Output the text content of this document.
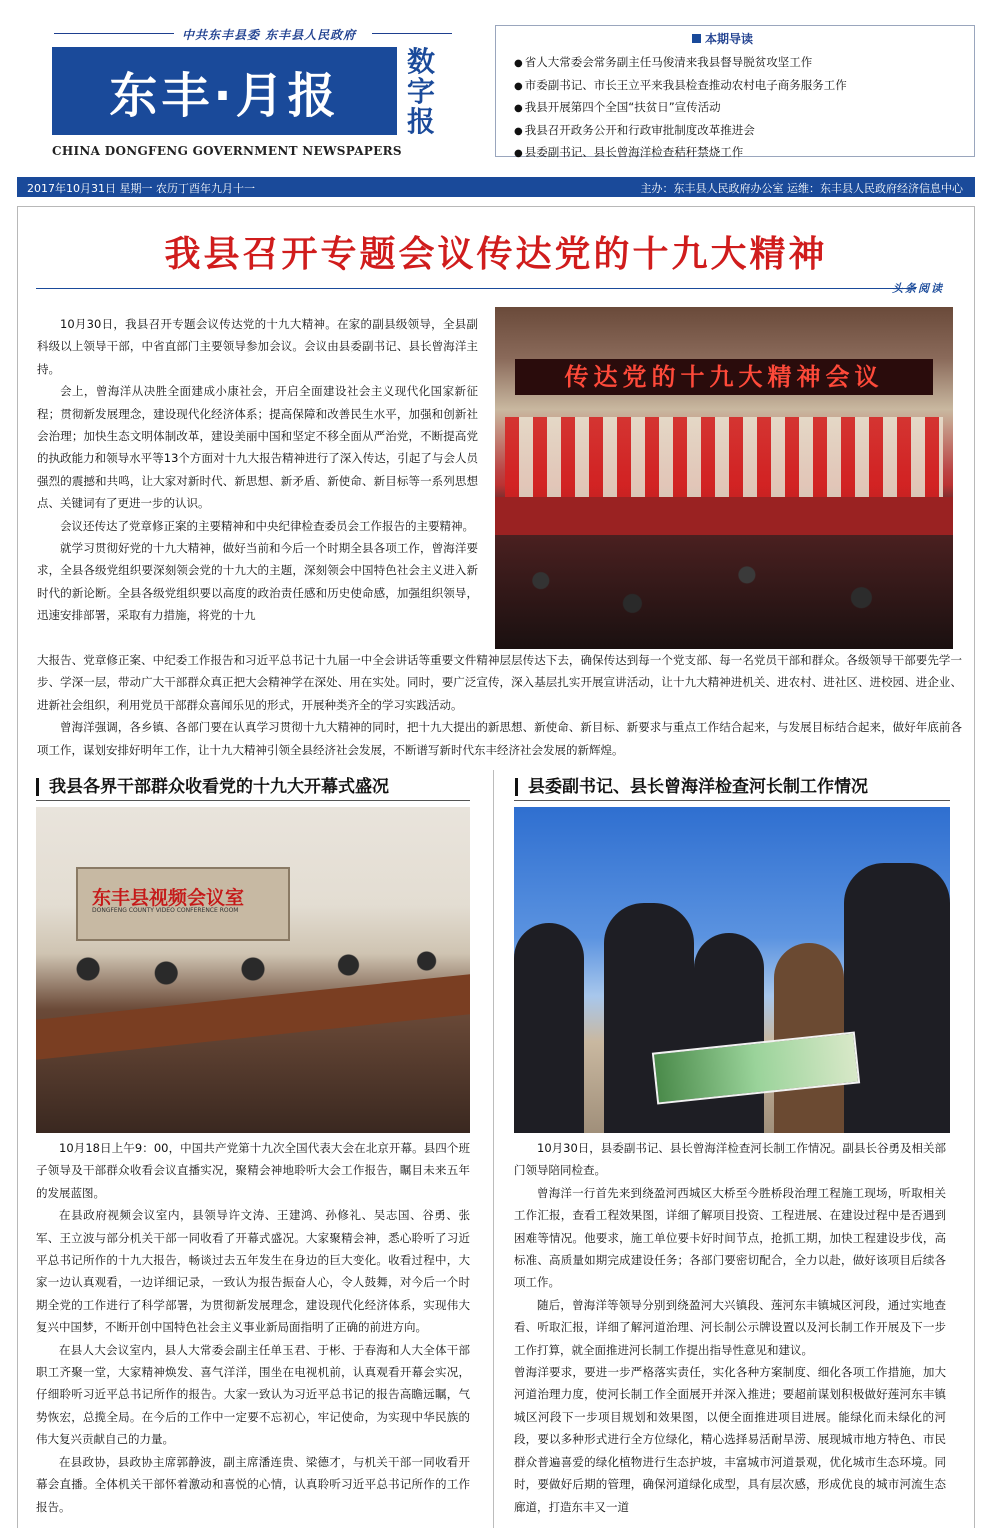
中共东丰县委 东丰县人民政府
东丰·月报
数
字
报
CHINA DONGFENG GOVERNMENT NEWSPAPERS
本期导读
● 省人大常委会常务副主任马俊清来我县督导脱贫攻坚工作
● 市委副书记、市长王立平来我县检查推动农村电子商务服务工作
● 我县开展第四个全国“扶贫日”宣传活动
● 我县召开政务公开和行政审批制度改革推进会
● 县委副书记、县长曾海洋检查秸秆禁烧工作
2017年10月31日 星期一 农历丁酉年九月十一	主办：东丰县人民政府办公室 运维：东丰县人民政府经济信息中心
我县召开专题会议传达党的十九大精神
头条阅读

10月30日，我县召开专题会议传达党的十九大精神。在家的副县级领导，全县副科级以上领导干部，中省直部门主要领导参加会议。会议由县委副书记、县长曾海洋主持。

会上，曾海洋从决胜全面建成小康社会，开启全面建设社会主义现代化国家新征程；贯彻新发展理念，建设现代化经济体系；提高保障和改善民生水平，加强和创新社会治理；加快生态文明体制改革，建设美丽中国和坚定不移全面从严治党，不断提高党的执政能力和领导水平等13个方面对十九大报告精神进行了深入传达，引起了与会人员强烈的震撼和共鸣，让大家对新时代、新思想、新矛盾、新使命、新目标等一系列思想点、关键词有了更进一步的认识。

会议还传达了党章修正案的主要精神和中央纪律检查委员会工作报告的主要精神。

就学习贯彻好党的十九大精神，做好当前和今后一个时期全县各项工作，曾海洋要求，全县各级党组织要深刻领会党的十九大的主题，深刻领会中国特色社会主义进入新时代的新论断。全县各级党组织要以高度的政治责任感和历史使命感，加强组织领导，迅速安排部署，采取有力措施，将党的十九

传达党的十九大精神会议

大报告、党章修正案、中纪委工作报告和习近平总书记十九届一中全会讲话等重要文件精神层层传达下去，确保传达到每一个党支部、每一名党员干部和群众。各级领导干部要先学一步、学深一层，带动广大干部群众真正把大会精神学在深处、用在实处。同时，要广泛宣传，深入基层扎实开展宣讲活动，让十九大精神进机关、进农村、进社区、进校园、进企业、进新社会组织，利用党员干部群众喜闻乐见的形式，开展种类齐全的学习实践活动。

曾海洋强调，各乡镇、各部门要在认真学习贯彻十九大精神的同时，把十九大提出的新思想、新使命、新目标、新要求与重点工作结合起来，与发展目标结合起来，做好年底前各项工作，谋划安排好明年工作，让十九大精神引领全县经济社会发展，不断谱写新时代东丰经济社会发展的新辉煌。

我县各界干部群众收看党的十九大开幕式盛况	县委副书记、县长曾海洋检查河长制工作情况
东丰县视频会议室
DONGFENG COUNTY VIDEO CONFERENCE ROOM

10月18日上午9：00，中国共产党第十九次全国代表大会在北京开幕。县四个班子领导及干部群众收看会议直播实况，聚精会神地聆听大会工作报告，瞩目未来五年的发展蓝图。

在县政府视频会议室内，县领导许文涛、王建鸿、孙修礼、吴志国、谷勇、张军、王立波与部分机关干部一同收看了开幕式盛况。大家聚精会神，悉心聆听了习近平总书记所作的十九大报告，畅谈过去五年发生在身边的巨大变化。收看过程中，大家一边认真观看，一边详细记录，一致认为报告振奋人心，令人鼓舞，对今后一个时期全党的工作进行了科学部署，为贯彻新发展理念，建设现代化经济体系，实现伟大复兴中国梦，不断开创中国特色社会主义事业新局面指明了正确的前进方向。

在县人大会议室内，县人大常委会副主任单玉君、于彬、于春海和人大全体干部职工齐聚一堂，大家精神焕发、喜气洋洋，围坐在电视机前，认真观看开幕会实况，仔细聆听习近平总书记所作的报告。大家一致认为习近平总书记的报告高瞻远瞩，气势恢宏，总揽全局。在今后的工作中一定要不忘初心，牢记使命，为实现中华民族的伟大复兴贡献自己的力量。

在县政协，县政协主席郭静波，副主席潘连贵、梁德才，与机关干部一同收看开幕会直播。全体机关干部怀着激动和喜悦的心情，认真聆听习近平总书记所作的工作报告。

10月30日，县委副书记、县长曾海洋检查河长制工作情况。副县长谷勇及相关部门领导陪同检查。

曾海洋一行首先来到绕盈河西城区大桥至今胜桥段治理工程施工现场，听取相关工作汇报，查看工程效果图，详细了解项目投资、工程进展、在建设过程中是否遇到困难等情况。他要求，施工单位要卡好时间节点，抢抓工期，加快工程建设步伐，高标准、高质量如期完成建设任务；各部门要密切配合，全力以赴，做好该项目后续各项工作。

随后，曾海洋等领导分别到绕盈河大兴镇段、莲河东丰镇城区河段，通过实地查看、听取汇报，详细了解河道治理、河长制公示牌设置以及河长制工作开展及下一步工作打算，就全面推进河长制工作提出指导性意见和建议。

曾海洋要求，要进一步严格落实责任，实化各种方案制度、细化各项工作措施，加大河道治理力度，使河长制工作全面展开并深入推进；要超前谋划积极做好莲河东丰镇城区河段下一步项目规划和效果图，以便全面推进项目进展。能绿化而未绿化的河段，要以多种形式进行全方位绿化，精心选择易活耐旱涝、展现城市地方特色、市民群众普遍喜爱的绿化植物进行生态护坡，丰富城市河道景观，优化城市生态环境。同时，要做好后期的管理，确保河道绿化成型，具有层次感，形成优良的城市河流生态廊道，打造东丰又一道
